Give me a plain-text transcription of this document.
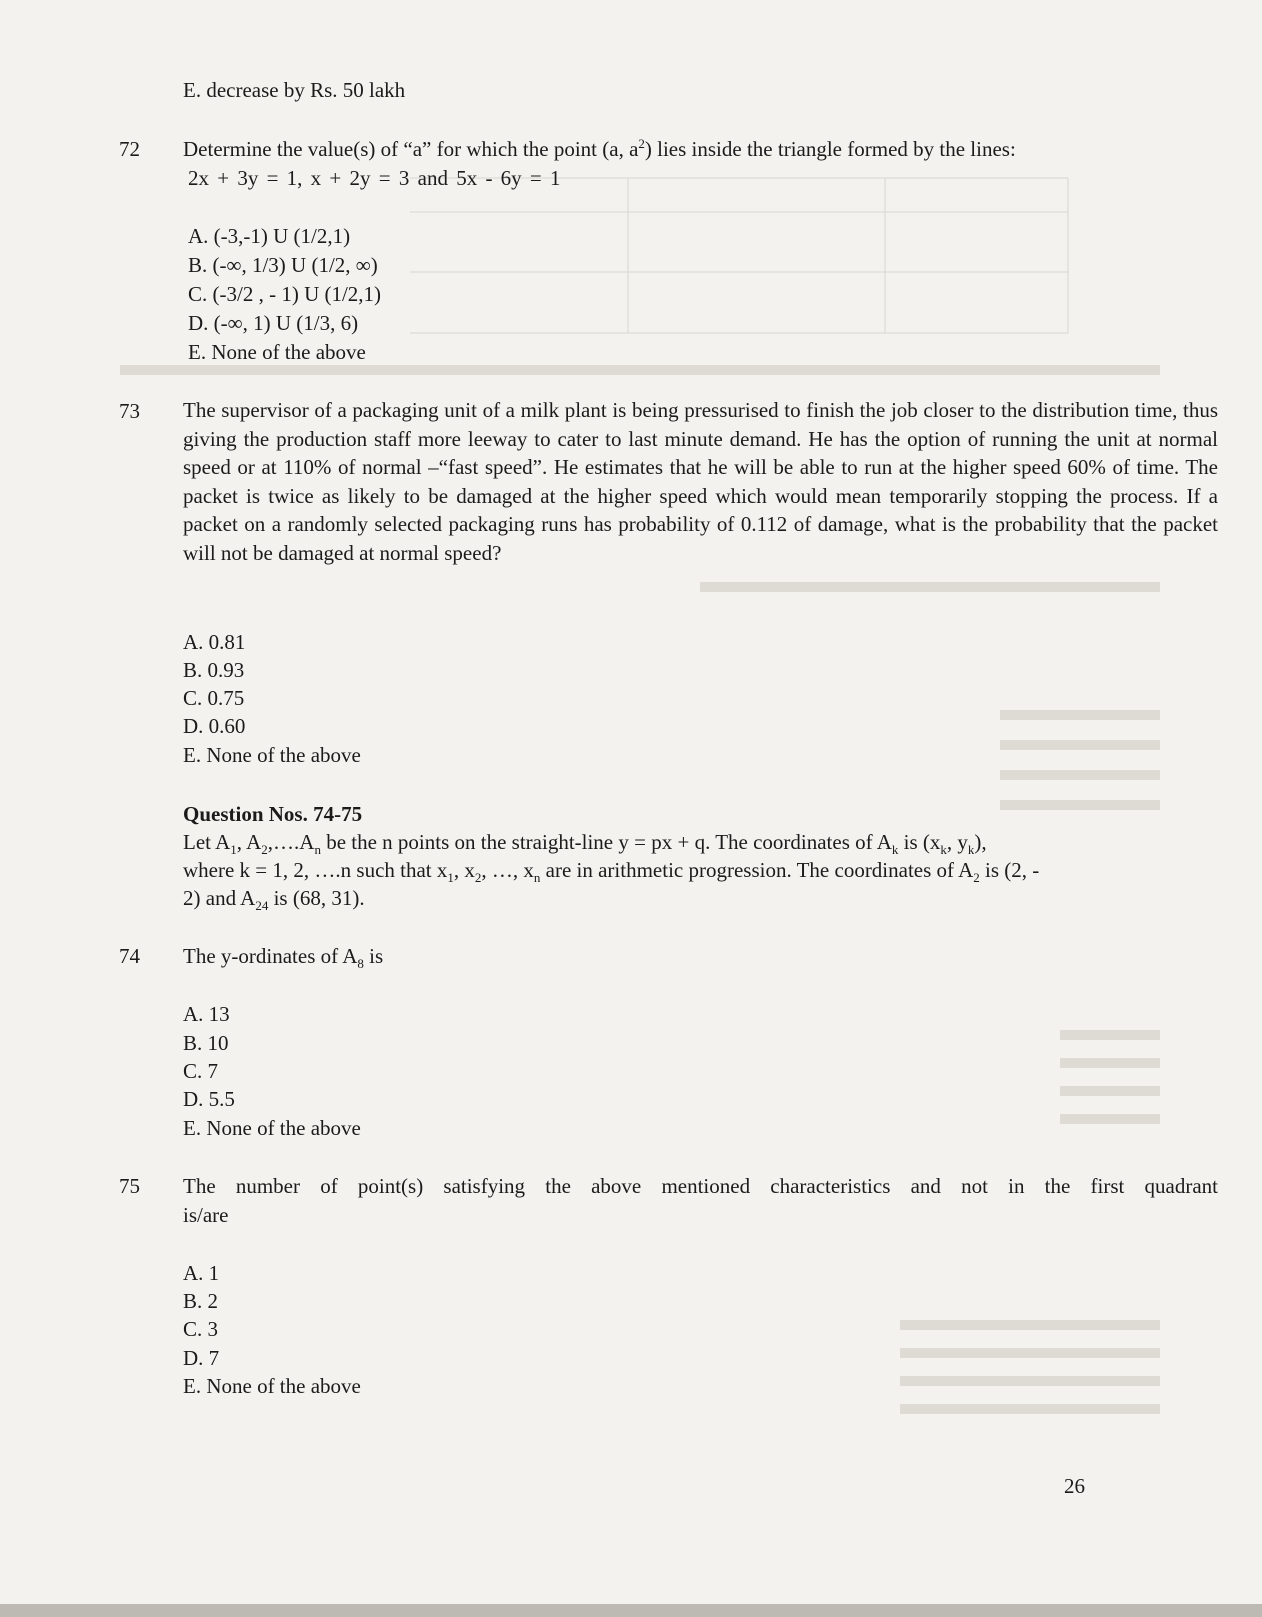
E. decrease by Rs. 50 lakh
72 Determine the value(s) of “a” for which the point (a, $a^2$) lies inside the triangle formed by the lines:
2x + 3y = 1, x + 2y = 3 and 5x - 6y = 1
A. (-3,-1) U (1/2,1)
B. (-∞, 1/3) U (1/2, ∞)
C. (-3/2 , - 1) U (1/2,1)
D. (-∞, 1) U (1/3, 6)
E. None of the above
73 The supervisor of a packaging unit of a milk plant is being pressurised to finish the job closer to the distribution time, thus giving the production staff more leeway to cater to last minute demand. He has the option of running the unit at normal speed or at 110% of normal –“fast speed”. He estimates that he will be able to run at the higher speed 60% of time. The packet is twice as likely to be damaged at the higher speed which would mean temporarily stopping the process. If a packet on a randomly selected packaging runs has probability of 0.112 of damage, what is the probability that the packet will not be damaged at normal speed?
A. 0.81
B. 0.93
C. 0.75
D. 0.60
E. None of the above
Question Nos. 74-75
Let $A_1$, $A_2,\dots.A_n$ be the n points on the straight-line y = px + q. The coordinates of $A_k$ is ($x_k$, $y_k$),
where k = 1, 2, ….n such that $x_1$, $x_2$, …, $x_n$ are in arithmetic progression. The coordinates of $A_2$ is (2, -
2) and $A_{24}$ is (68, 31).
74 The y-ordinates of $A_8$ is
A. 13
B. 10
C. 7
D. 5.5
E. None of the above
75 The number of point(s) satisfying the above mentioned characteristics and not in the first quadrant
is/are
A. 1
B. 2
C. 3
D. 7
E. None of the above
26
